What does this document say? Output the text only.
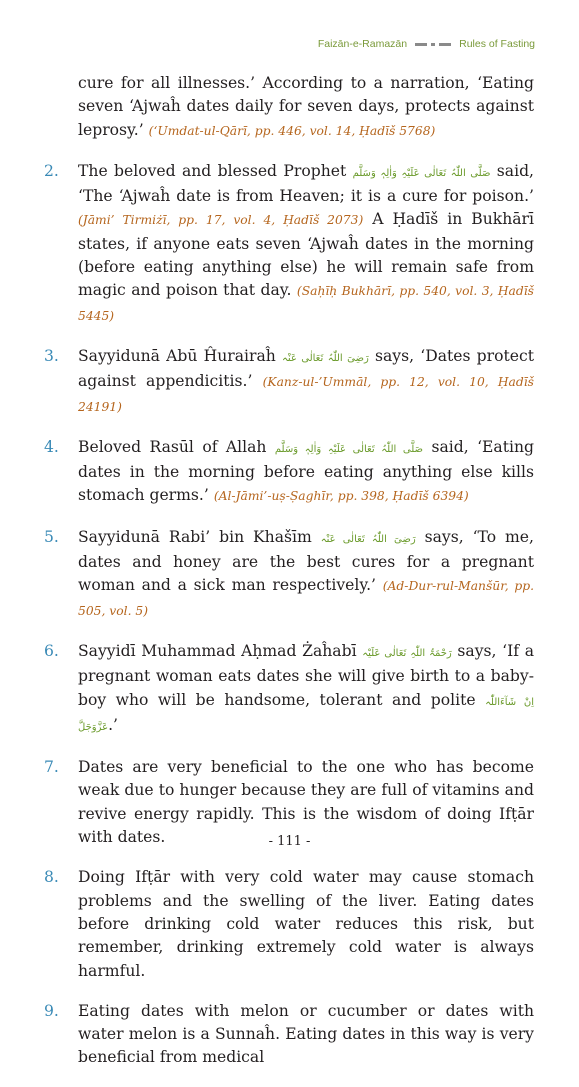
Faizān-e-Ramazān	Rules of Fasting

cure for all illnesses.’ According to a narration, ‘Eating seven ‘Ajwaĥ dates daily for seven days, protects against leprosy.’ (‘Umdat-ul-Qārī, pp. 446, vol. 14, Ḥadīš 5768)

2. The beloved and blessed Prophet صَلَّی اللّٰہُ تَعَالٰی عَلَیْہِ وَاٰلِہٖ وَسَلَّم said, ‘The ‘Ajwaĥ date is from Heaven; it is a cure for poison.’ (Jāmi’ Tirmiżī, pp. 17, vol. 4, Ḥadīš 2073) A Ḥadīš in Bukhārī states, if anyone eats seven ‘Ajwaĥ dates in the morning (before eating anything else) he will remain safe from magic and poison that day. (Saḥīḥ Bukhārī, pp. 540, vol. 3, Ḥadīš 5445)

3. Sayyidunā Abū Ĥurairaĥ رَضِیَ اللّٰہُ تَعَالٰی عَنْہ says, ‘Dates protect against appendicitis.’ (Kanz-ul-’Ummāl, pp. 12, vol. 10, Ḥadīš 24191)

4. Beloved Rasūl of Allah صَلَّی اللّٰہُ تَعَالٰی عَلَیْہِ وَاٰلِہٖ وَسَلَّم said, ‘Eating dates in the morning before eating anything else kills stomach germs.’ (Al-Jāmi’-uṣ-Ṣaghīr, pp. 398, Ḥadīš 6394)

5. Sayyidunā Rabi’ bin Khašīm رَضِیَ اللّٰہُ تَعَالٰی عَنْہ says, ‘To me, dates and honey are the best cures for a pregnant woman and a sick man respectively.’ (Ad-Dur-rul-Manšūr, pp. 505, vol. 5)

6. Sayyidī Muhammad Aḥmad Żaĥabī رَحْمَۃُ اللّٰہِ تَعَالٰی عَلَیْہ says, ‘If a pregnant woman eats dates she will give birth to a baby-boy who will be handsome, tolerant and polite اِنْ شَآءَاللّٰہ عَزَّوَجَلَّ.’

7. Dates are very beneficial to the one who has become weak due to hunger because they are full of vitamins and revive energy rapidly. This is the wisdom of doing Ifṭār with dates.

8. Doing Ifṭār with very cold water may cause stomach problems and the swelling of the liver. Eating dates before drinking cold water reduces this risk, but remember, drinking extremely cold water is always harmful.

9. Eating dates with melon or cucumber or dates with water melon is a Sunnaĥ. Eating dates in this way is very beneficial from medical

- 111 -
